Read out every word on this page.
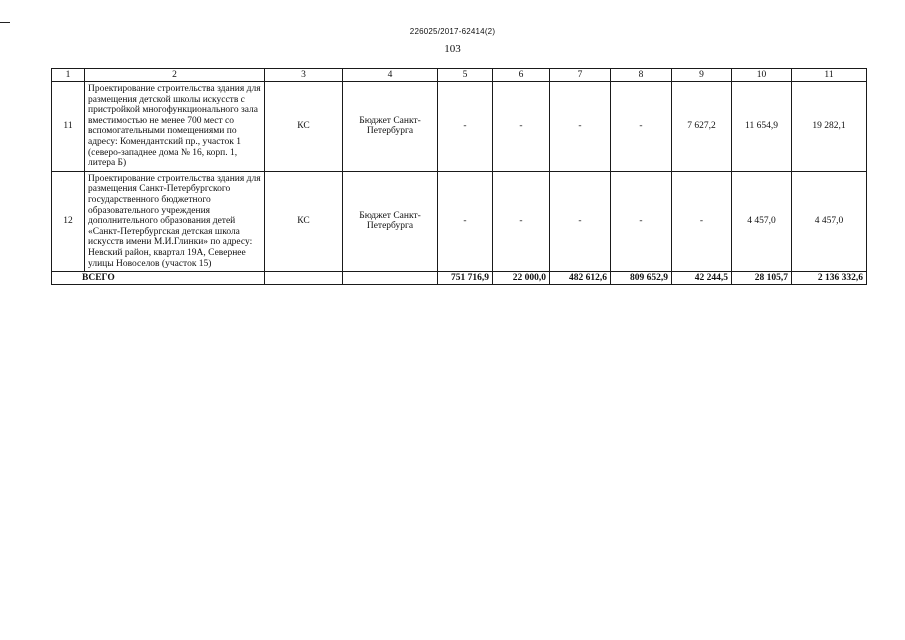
226025/2017-62414(2)
103
1	2	3	4	5	6	7	8	9	10	11
11	Проектирование строительства здания для размещения детской школы искусств с пристройкой многофункционального зала вместимостью не менее 700 мест со вспомогательными помещениями по адресу: Комендантский пр., участок 1 (северо-западнее дома № 16, корп. 1, литера Б)	КС	Бюджет Санкт-Петербурга	-	-	-	-	7 627,2	11 654,9	19 282,1
12	Проектирование строительства здания для размещения Санкт-Петербургского государственного бюджетного образовательного учреждения дополнительного образования детей «Санкт-Петербургская детская школа искусств имени М.И.Глинки» по адресу: Невский район, квартал 19А, Севернее улицы Новоселов (участок 15)	КС	Бюджет Санкт-Петербурга	-	-	-	-	-	4 457,0	4 457,0
ВСЕГО				751 716,9	22 000,0	482 612,6	809 652,9	42 244,5	28 105,7	2 136 332,6
